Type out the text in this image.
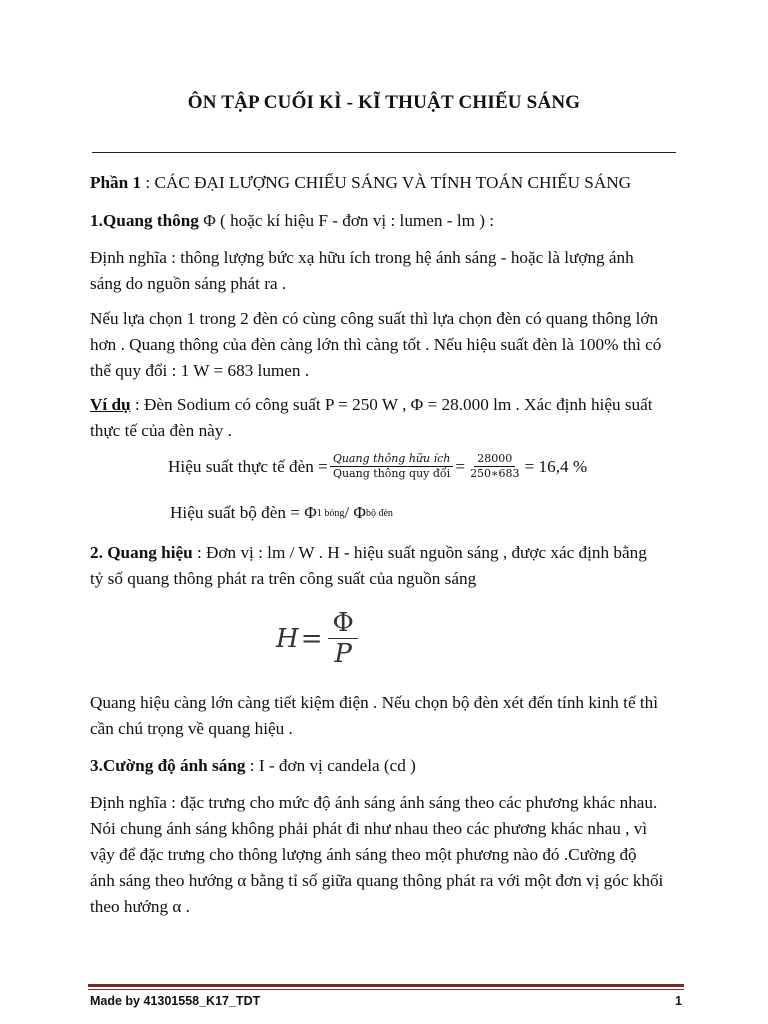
ÔN TẬP CUỐI KÌ - KĨ THUẬT CHIẾU SÁNG
Phần 1 : CÁC ĐẠI LƯỢNG CHIẾU SÁNG VÀ TÍNH TOÁN CHIẾU SÁNG
1.Quang thông Φ ( hoặc kí hiệu F - đơn vị : lumen - lm ) :
Định nghĩa : thông lượng bức xạ hữu ích trong hệ ánh sáng - hoặc là lượng ánh
sáng do nguồn sáng phát ra .
Nếu lựa chọn 1 trong 2 đèn có cùng công suất thì lựa chọn đèn có quang thông lớn
hơn . Quang thông của đèn càng lớn thì càng tốt . Nếu hiệu suất đèn là 100% thì có
thể quy đổi : 1 W = 683 lumen .
Ví dụ : Đèn Sodium có công suất P = 250 W , Φ = 28.000 lm . Xác định hiệu suất
thực tế của đèn này .
Hiệu suất thực tế đèn = $\frac{\text{Quang thông hữu ích}}{\text{Quang thông quy đổi}} = \frac{28000}{250∗683} = 16,4$ %
Hiệu suất bộ đèn = Φ 1 bóng / Φ bộ đèn
2. Quang hiệu : Đơn vị : lm / W . H - hiệu suất nguồn sáng , được xác định bằng
tỷ số quang thông phát ra trên công suất của nguồn sáng
$H = \frac{\Phi}{P}$
Quang hiệu càng lớn càng tiết kiệm điện . Nếu chọn bộ đèn xét đến tính kinh tế thì
cần chú trọng về quang hiệu .
3.Cường độ ánh sáng : I - đơn vị candela (cd )
Định nghĩa : đặc trưng cho mức độ ánh sáng ánh sáng theo các phương khác nhau.
Nói chung ánh sáng không phải phát đi như nhau theo các phương khác nhau , vì
vậy để đặc trưng cho thông lượng ánh sáng theo một phương nào đó .Cường độ
ánh sáng theo hướng α bằng tỉ số giữa quang thông phát ra với một đơn vị góc khối
theo hướng α .
Made by 41301558_K17_TDT	1
